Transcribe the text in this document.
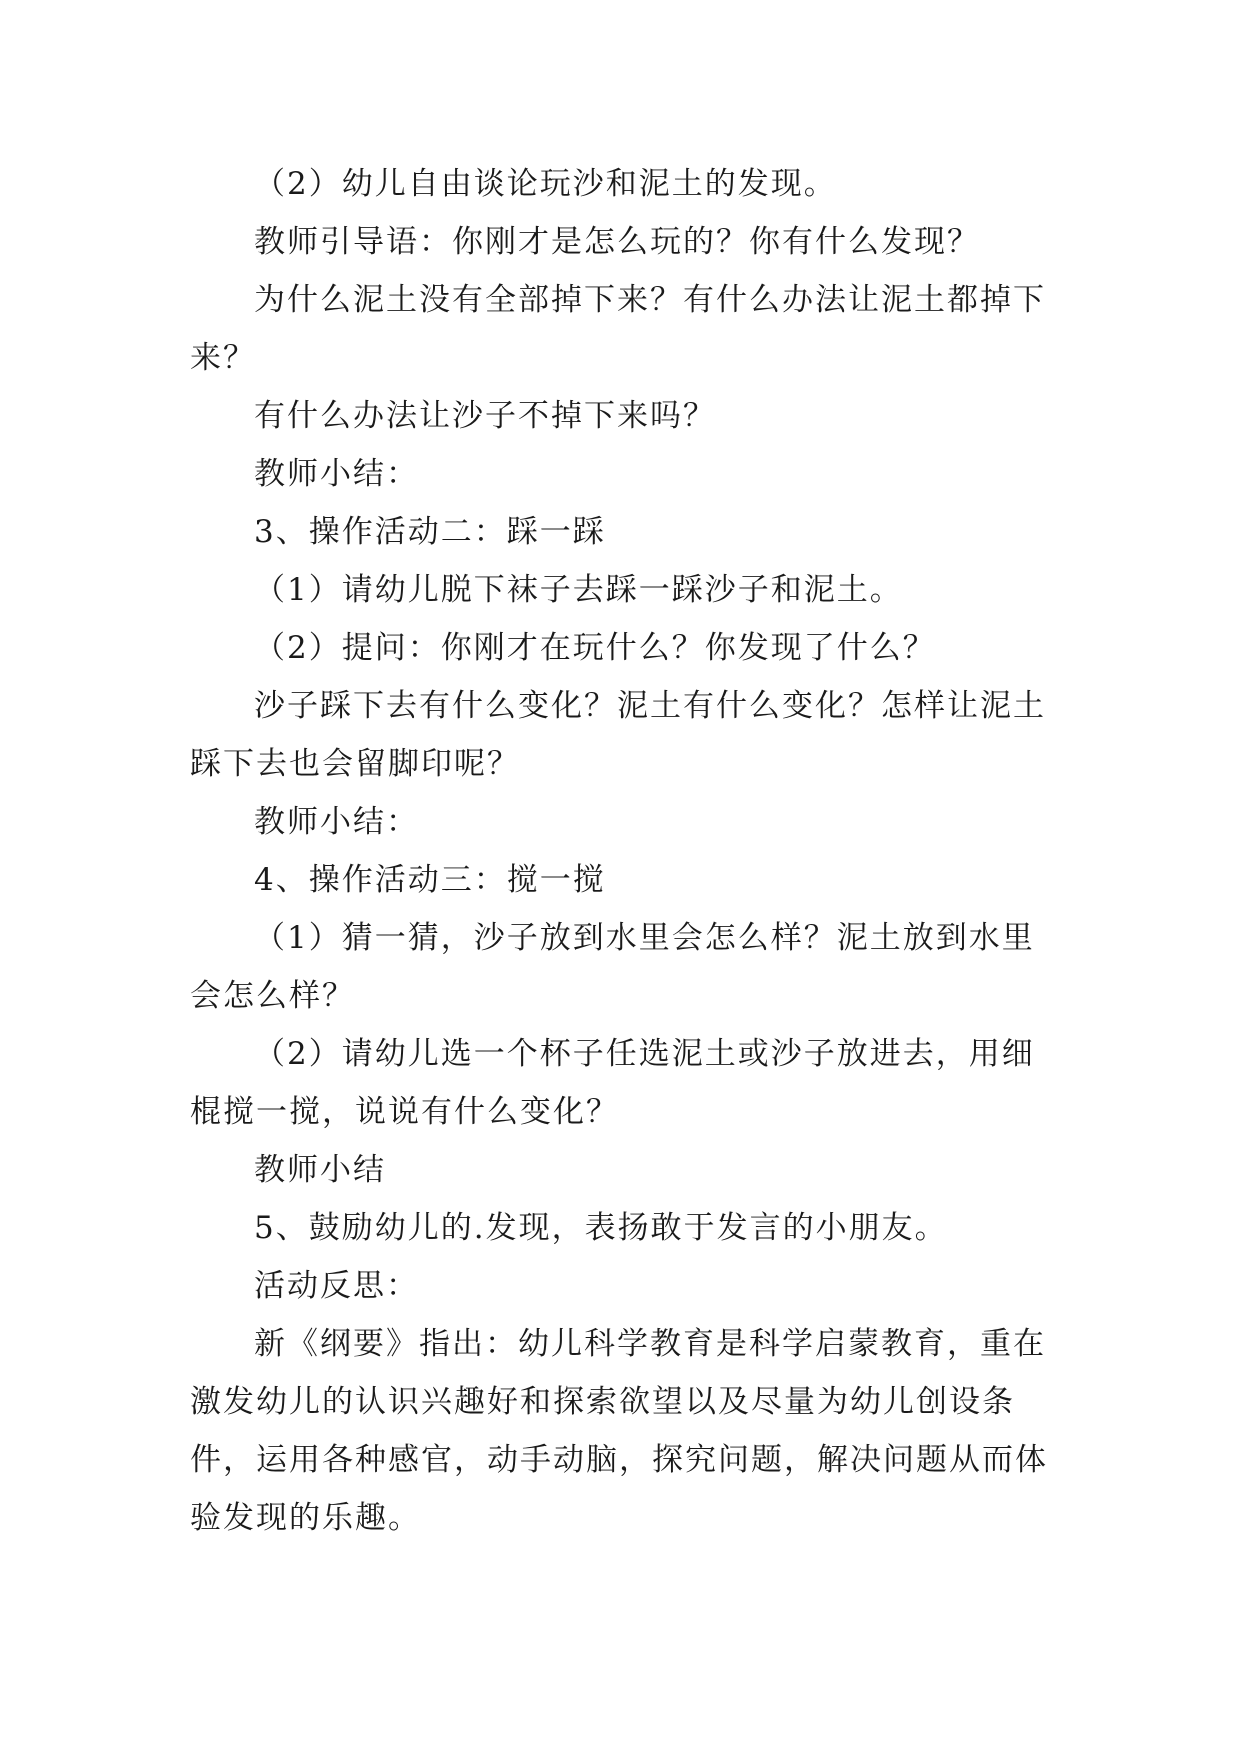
（2）幼儿自由谈论玩沙和泥土的发现。

教师引导语：你刚才是怎么玩的？你有什么发现？

为什么泥土没有全部掉下来？有什么办法让泥土都掉下来？

有什么办法让沙子不掉下来吗？

教师小结：

3、操作活动二：踩一踩

（1）请幼儿脱下袜子去踩一踩沙子和泥土。

（2）提问：你刚才在玩什么？你发现了什么？

沙子踩下去有什么变化？泥土有什么变化？怎样让泥土踩下去也会留脚印呢？

教师小结：

4、操作活动三：搅一搅

（1）猜一猜，沙子放到水里会怎么样？泥土放到水里会怎么样？

（2）请幼儿选一个杯子任选泥土或沙子放进去，用细棍搅一搅，说说有什么变化？

教师小结

5、鼓励幼儿的.发现，表扬敢于发言的小朋友。

活动反思：

新《纲要》指出：幼儿科学教育是科学启蒙教育，重在激发幼儿的认识兴趣好和探索欲望以及尽量为幼儿创设条件，运用各种感官，动手动脑，探究问题，解决问题从而体验发现的乐趣。
